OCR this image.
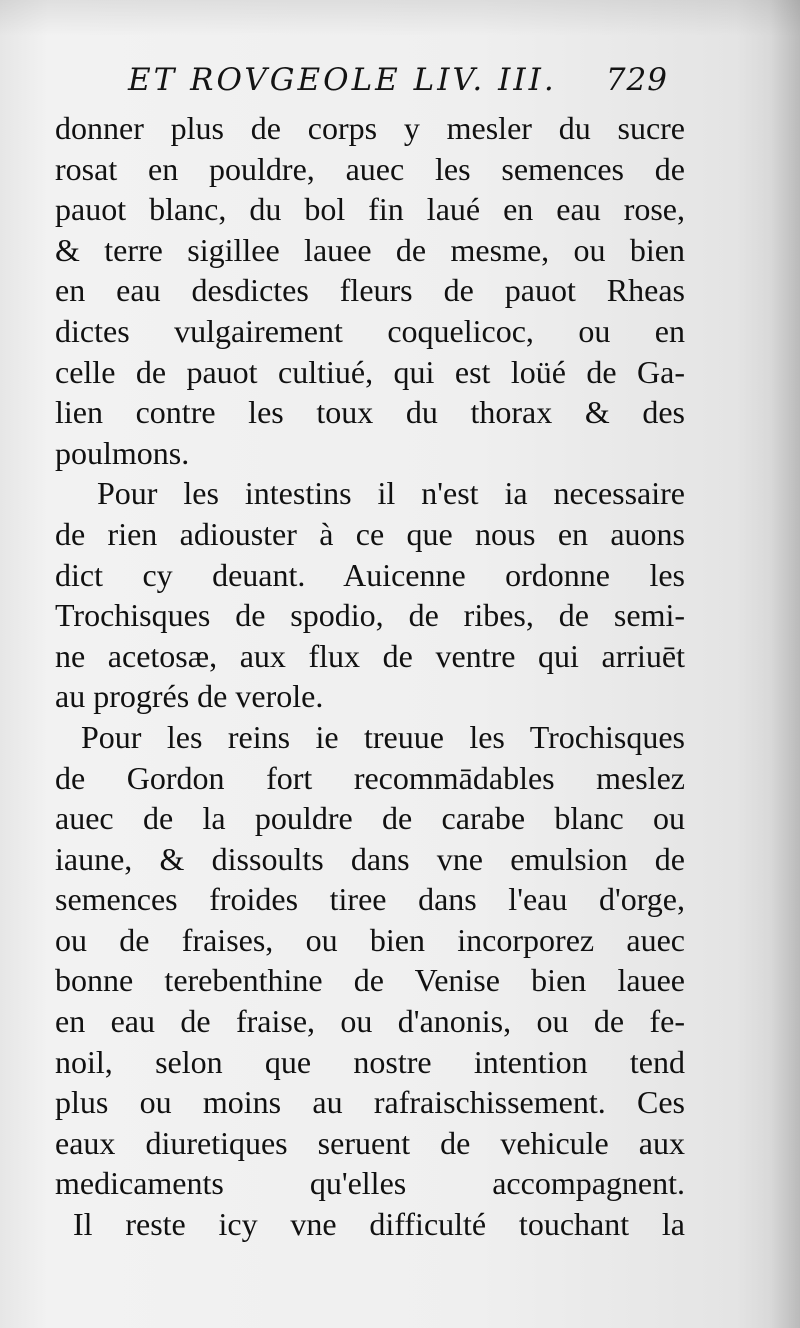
ET ROVGEOLE LIV. III. 729
donner plus de corps y mesler du sucre
rosat en pouldre, auec les semences de
pauot blanc, du bol fin laué en eau rose,
& terre sigillee lauee de mesme, ou bien
en eau desdictes fleurs de pauot Rheas
dictes vulgairement coquelicoc, ou en
celle de pauot cultiué, qui est loüé de Ga-
lien contre les toux du thorax & des
poulmons.
Pour les intestins il n'est ia necessaire
de rien adiouster à ce que nous en auons
dict cy deuant. Auicenne ordonne les
Trochisques de spodio, de ribes, de semi-
ne acetosæ, aux flux de ventre qui arriuēt
au progrés de verole.
Pour les reins ie treuue les Trochisques
de Gordon fort recommādables meslez
auec de la pouldre de carabe blanc ou
iaune, & dissoults dans vne emulsion de
semences froides tiree dans l'eau d'orge,
ou de fraises, ou bien incorporez auec
bonne terebenthine de Venise bien lauee
en eau de fraise, ou d'anonis, ou de fe-
noil, selon que nostre intention tend
plus ou moins au rafraischissement. Ces
eaux diuretiques seruent de vehicule aux
medicaments qu'elles accompagnent.
Il reste icy vne difficulté touchant la
